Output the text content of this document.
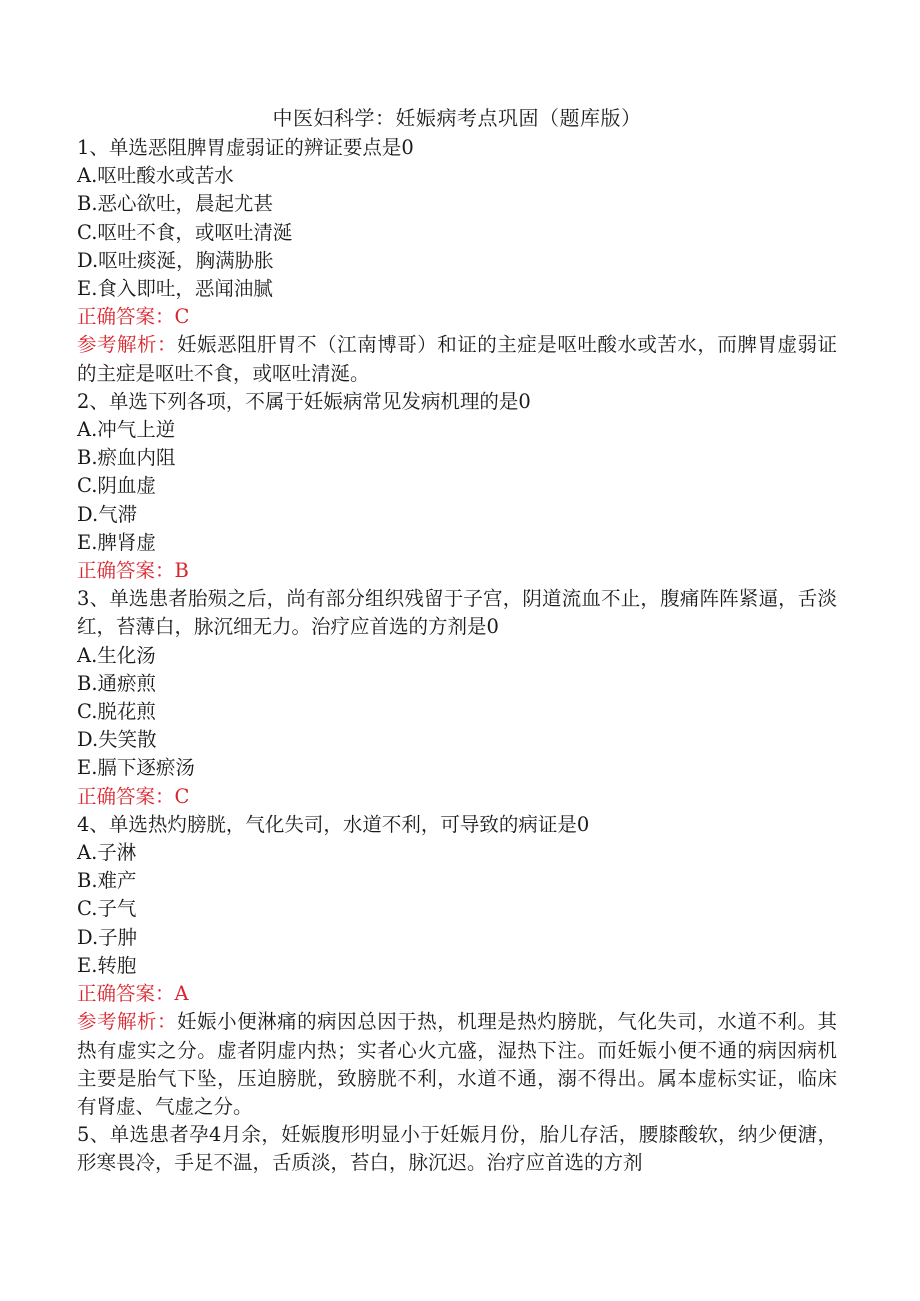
中医妇科学：妊娠病考点巩固（题库版）

1、单选恶阻脾胃虚弱证的辨证要点是0

A.呕吐酸水或苦水

B.恶心欲吐，晨起尤甚

C.呕吐不食，或呕吐清涎

D.呕吐痰涎，胸满胁胀

E.食入即吐，恶闻油腻

正确答案：C

参考解析：妊娠恶阻肝胃不（江南博哥）和证的主症是呕吐酸水或苦水，而脾胃虚弱证的主症是呕吐不食，或呕吐清涎。

2、单选下列各项，不属于妊娠病常见发病机理的是0

A.冲气上逆

B.瘀血内阻

C.阴血虚

D.气滞

E.脾肾虚

正确答案：B

3、单选患者胎殒之后，尚有部分组织残留于子宫，阴道流血不止，腹痛阵阵紧逼，舌淡红，苔薄白，脉沉细无力。治疗应首选的方剂是0

A.生化汤

B.通瘀煎

C.脱花煎

D.失笑散

E.膈下逐瘀汤

正确答案：C

4、单选热灼膀胱，气化失司，水道不利，可导致的病证是0

A.子淋

B.难产

C.子气

D.子肿

E.转胞

正确答案：A

参考解析：妊娠小便淋痛的病因总因于热，机理是热灼膀胱，气化失司，水道不利。其热有虚实之分。虚者阴虚内热；实者心火亢盛，湿热下注。而妊娠小便不通的病因病机主要是胎气下坠，压迫膀胱，致膀胱不利，水道不通，溺不得出。属本虚标实证，临床有肾虚、气虚之分。

5、单选患者孕4月余，妊娠腹形明显小于妊娠月份，胎儿存活，腰膝酸软，纳少便溏，形寒畏冷，手足不温，舌质淡，苔白，脉沉迟。治疗应首选的方剂
